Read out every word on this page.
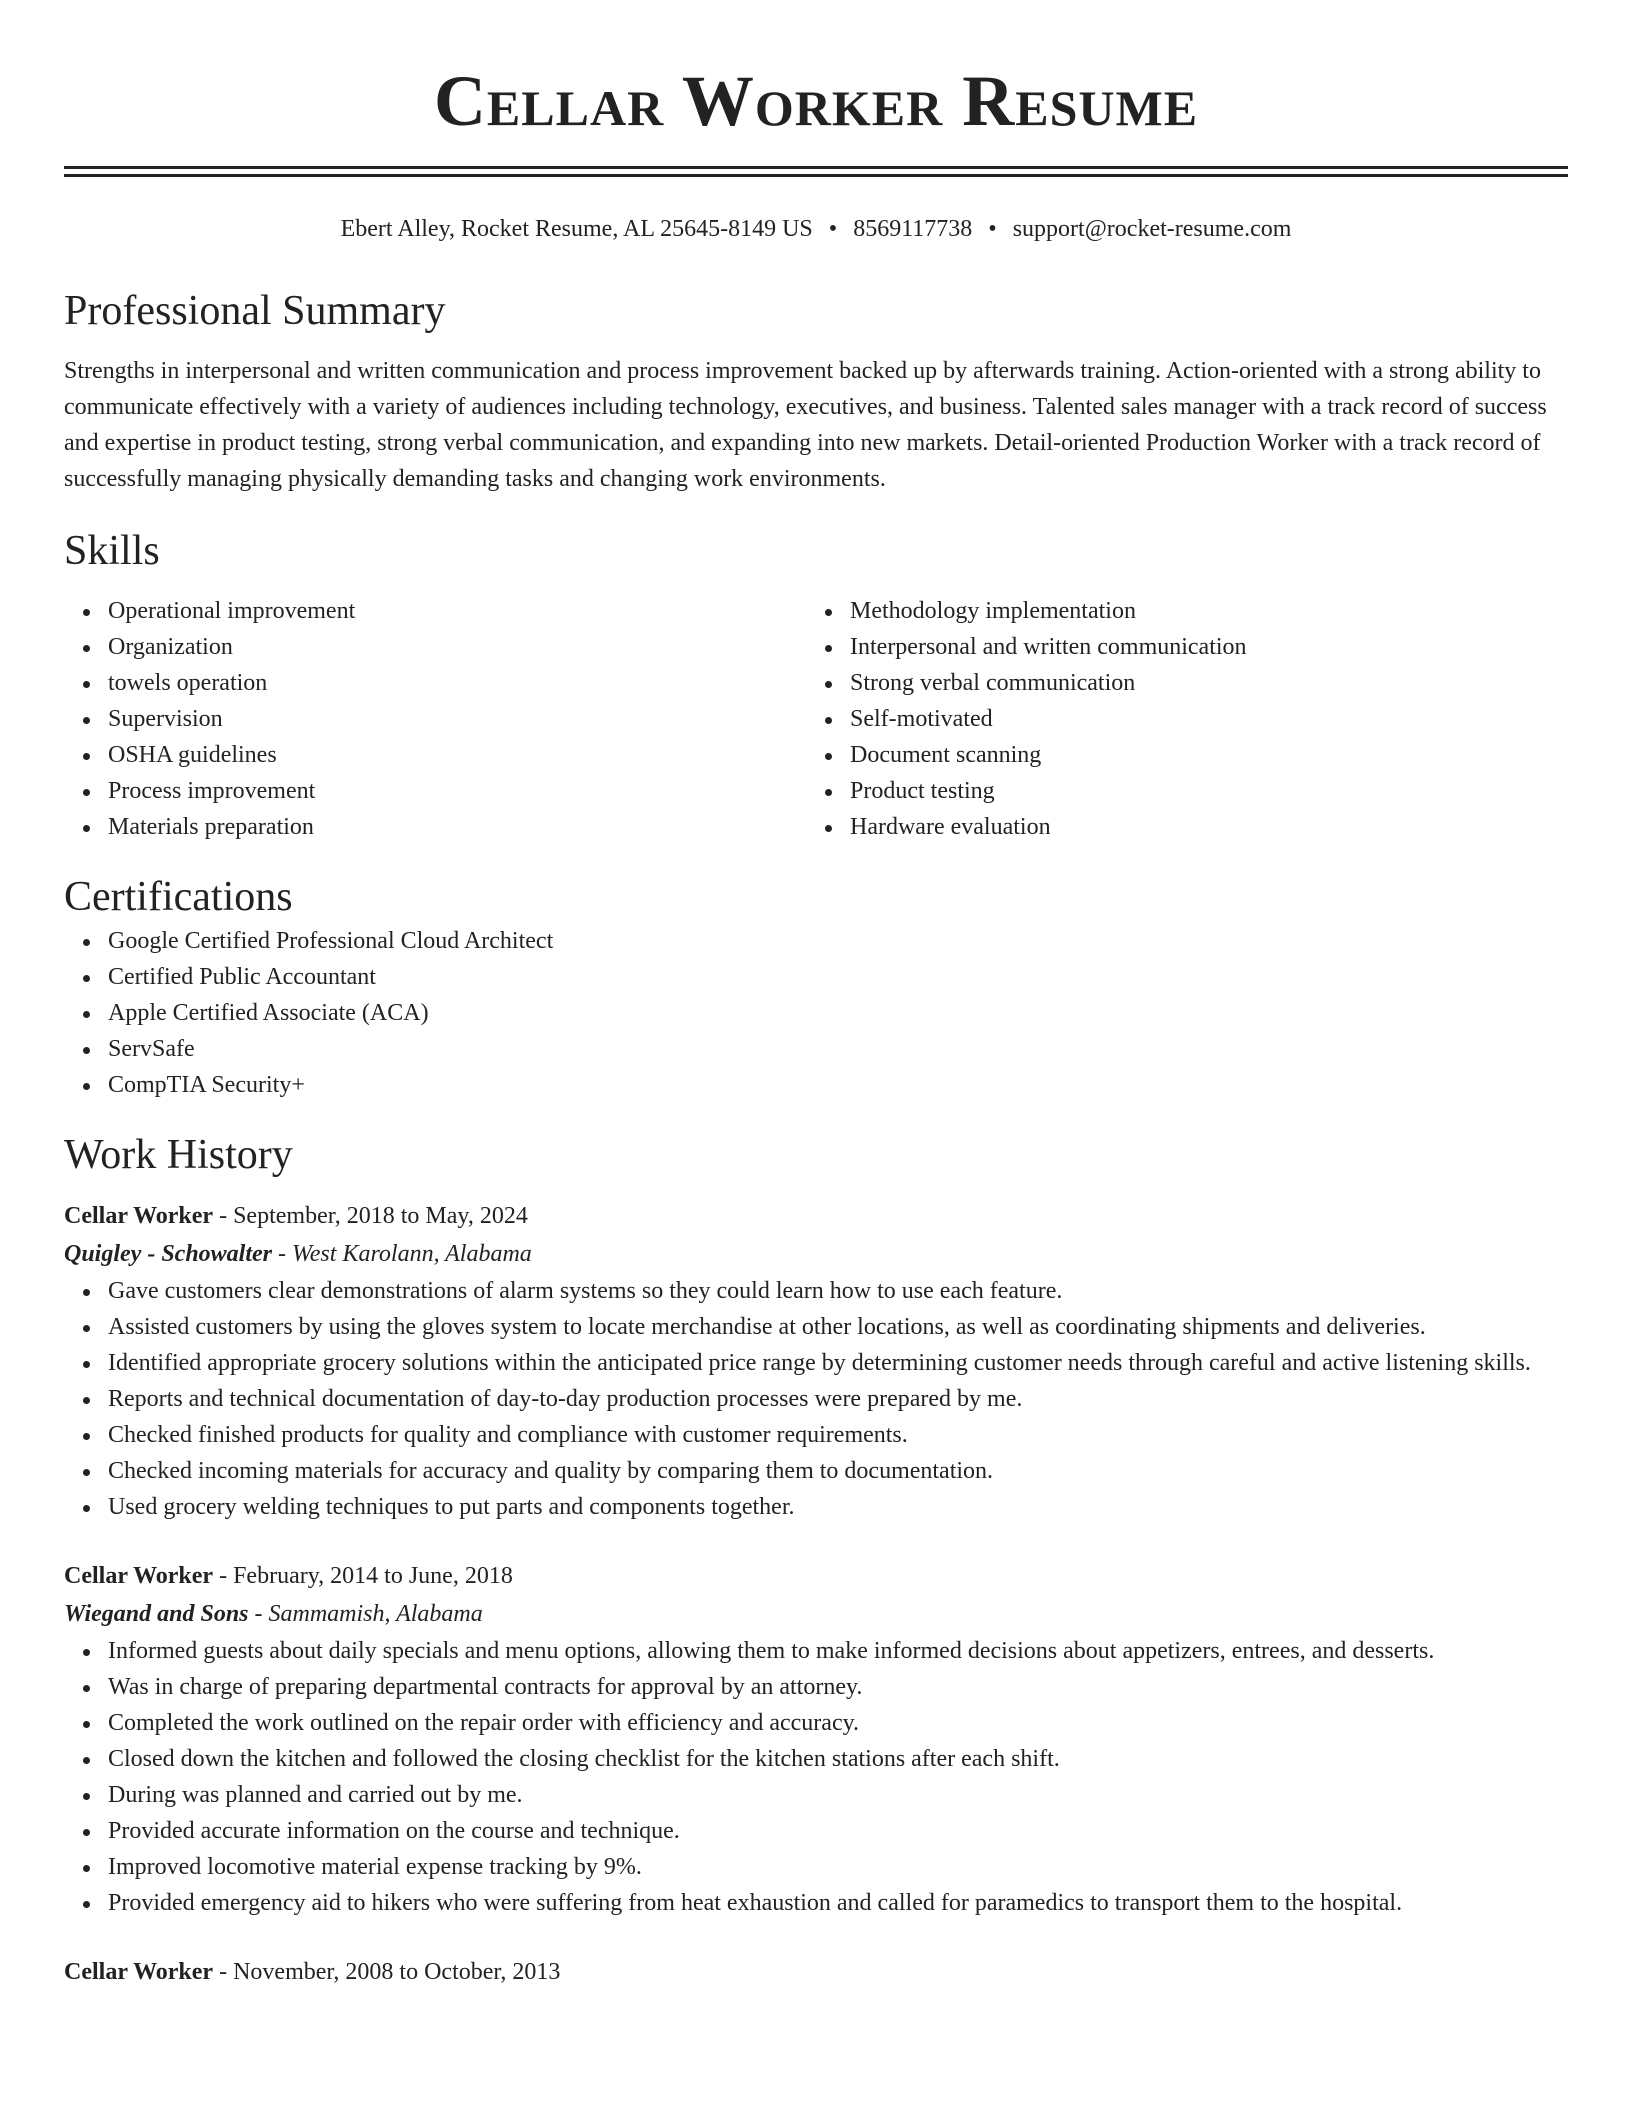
Cellar Worker Resume
Ebert Alley, Rocket Resume, AL 25645-8149 US • 8569117738 • support@rocket-resume.com
Professional Summary

Strengths in interpersonal and written communication and process improvement backed up by afterwards training. Action-oriented with a strong ability to communicate effectively with a variety of audiences including technology, executives, and business. Talented sales manager with a track record of success and expertise in product testing, strong verbal communication, and expanding into new markets. Detail-oriented Production Worker with a track record of successfully managing physically demanding tasks and changing work environments.

Skills
Operational improvement
Organization
towels operation
Supervision
OSHA guidelines
Process improvement
Materials preparation
Methodology implementation
Interpersonal and written communication
Strong verbal communication
Self-motivated
Document scanning
Product testing
Hardware evaluation
Certifications
Google Certified Professional Cloud Architect
Certified Public Accountant
Apple Certified Associate (ACA)
ServSafe
CompTIA Security+
Work History
Cellar Worker - September, 2018 to May, 2024
Quigley - Schowalter - West Karolann, Alabama
Gave customers clear demonstrations of alarm systems so they could learn how to use each feature.
Assisted customers by using the gloves system to locate merchandise at other locations, as well as coordinating shipments and deliveries.
Identified appropriate grocery solutions within the anticipated price range by determining customer needs through careful and active listening skills.
Reports and technical documentation of day-to-day production processes were prepared by me.
Checked finished products for quality and compliance with customer requirements.
Checked incoming materials for accuracy and quality by comparing them to documentation.
Used grocery welding techniques to put parts and components together.
Cellar Worker - February, 2014 to June, 2018
Wiegand and Sons - Sammamish, Alabama
Informed guests about daily specials and menu options, allowing them to make informed decisions about appetizers, entrees, and desserts.
Was in charge of preparing departmental contracts for approval by an attorney.
Completed the work outlined on the repair order with efficiency and accuracy.
Closed down the kitchen and followed the closing checklist for the kitchen stations after each shift.
During was planned and carried out by me.
Provided accurate information on the course and technique.
Improved locomotive material expense tracking by 9%.
Provided emergency aid to hikers who were suffering from heat exhaustion and called for paramedics to transport them to the hospital.
Cellar Worker - November, 2008 to October, 2013
